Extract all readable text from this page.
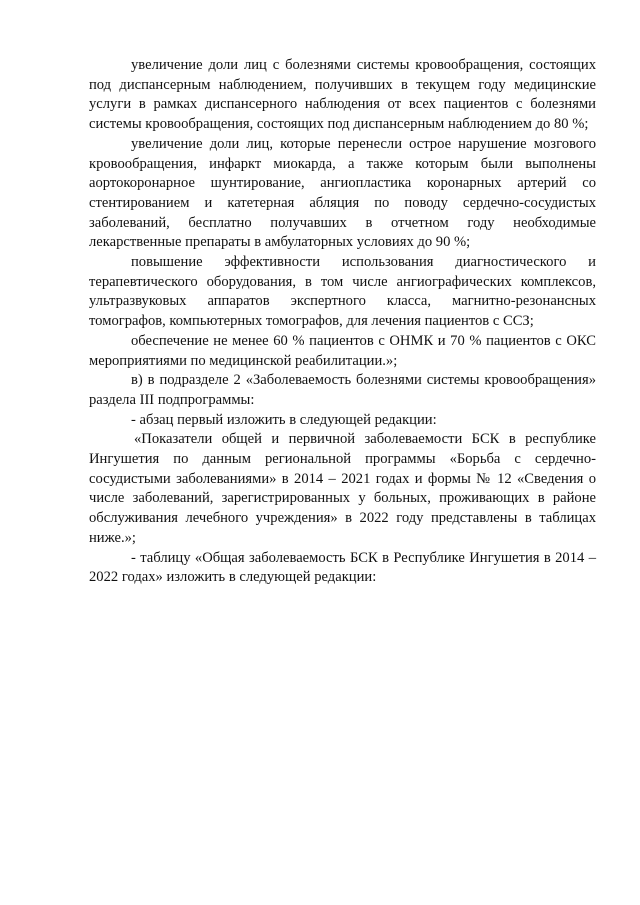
увеличение доли лиц с болезнями системы кровообращения, состоящих под диспансерным наблюдением, получивших в текущем году медицинские услуги в рамках диспансерного наблюдения от всех пациентов с болезнями системы кровообращения, состоящих под диспансерным наблюдением до 80 %;

увеличение доли лиц, которые перенесли острое нарушение мозгового кровообращения, инфаркт миокарда, а также которым были выполнены аортокоронарное шунтирование, ангиопластика коронарных артерий со стентированием и катетерная абляция по поводу сердечно-сосудистых заболеваний, бесплатно получавших в отчетном году необходимые лекарственные препараты в амбулаторных условиях до 90 %;

повышение эффективности использования диагностического и терапевтического оборудования, в том числе ангиографических комплексов, ультразвуковых аппаратов экспертного класса, магнитно-резонансных томографов, компьютерных томографов, для лечения пациентов с ССЗ;

обеспечение не менее 60 % пациентов с ОНМК и 70 % пациентов с ОКС мероприятиями по медицинской реабилитации.»;

в) в подразделе 2 «Заболеваемость болезнями системы кровообращения» раздела III подпрограммы:

- абзац первый изложить в следующей редакции:

«Показатели общей и первичной заболеваемости БСК в республике Ингушетия по данным региональной программы «Борьба с сердечно-сосудистыми заболеваниями» в 2014 – 2021 годах и формы № 12 «Сведения о числе заболеваний, зарегистрированных у больных, проживающих в районе обслуживания лечебного учреждения» в 2022 году представлены в таблицах ниже.»;

- таблицу «Общая заболеваемость БСК в Республике Ингушетия в 2014 – 2022 годах» изложить в следующей редакции:
